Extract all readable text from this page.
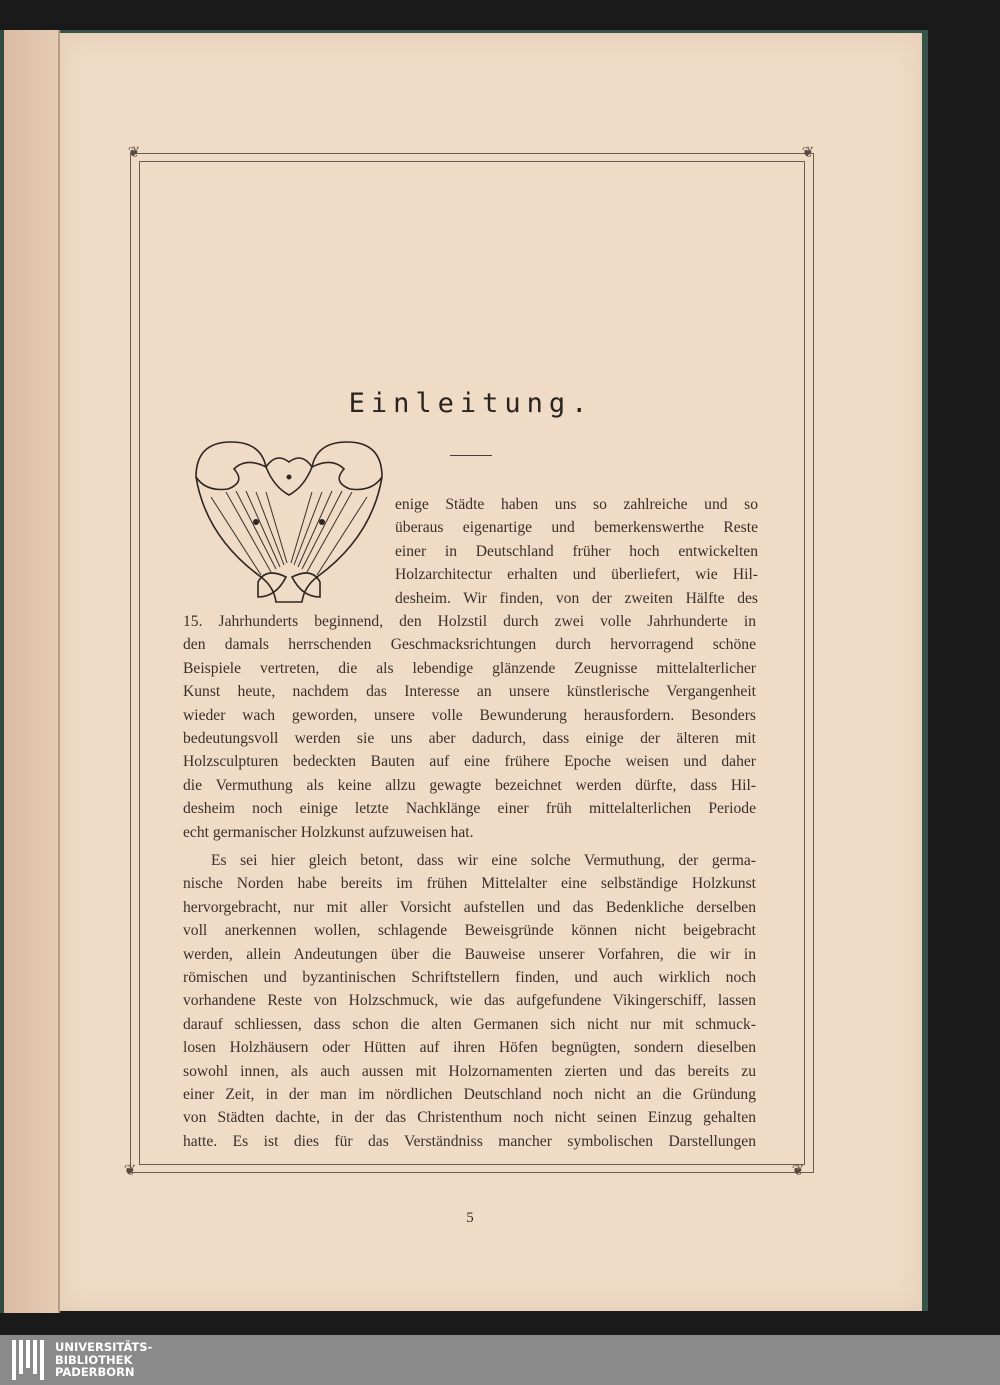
❦	❦
❦	❦
Einleitung.
enige Städte haben uns so zahlreiche und so
überaus eigenartige und bemerkenswerthe Reste
einer in Deutschland früher hoch entwickelten
Holzarchitectur erhalten und überliefert, wie Hil-
desheim. Wir finden, von der zweiten Hälfte des
15. Jahrhunderts beginnend, den Holzstil durch zwei volle Jahrhunderte in
den damals herrschenden Geschmacksrichtungen durch hervorragend schöne
Beispiele vertreten, die als lebendige glänzende Zeugnisse mittelalterlicher
Kunst heute, nachdem das Interesse an unsere künstlerische Vergangenheit
wieder wach geworden, unsere volle Bewunderung herausfordern. Besonders
bedeutungsvoll werden sie uns aber dadurch, dass einige der älteren mit
Holzsculpturen bedeckten Bauten auf eine frühere Epoche weisen und daher
die Vermuthung als keine allzu gewagte bezeichnet werden dürfte, dass Hil-
desheim noch einige letzte Nachklänge einer früh mittelalterlichen Periode
echt germanischer Holzkunst aufzuweisen hat.
Es sei hier gleich betont, dass wir eine solche Vermuthung, der germa-
nische Norden habe bereits im frühen Mittelalter eine selbständige Holzkunst
hervorgebracht, nur mit aller Vorsicht aufstellen und das Bedenkliche derselben
voll anerkennen wollen, schlagende Beweisgründe können nicht beigebracht
werden, allein Andeutungen über die Bauweise unserer Vorfahren, die wir in
römischen und byzantinischen Schriftstellern finden, und auch wirklich noch
vorhandene Reste von Holzschmuck, wie das aufgefundene Vikingerschiff, lassen
darauf schliessen, dass schon die alten Germanen sich nicht nur mit schmuck-
losen Holzhäusern oder Hütten auf ihren Höfen begnügten, sondern dieselben
sowohl innen, als auch aussen mit Holzornamenten zierten und das bereits zu
einer Zeit, in der man im nördlichen Deutschland noch nicht an die Gründung
von Städten dachte, in der das Christenthum noch nicht seinen Einzug gehalten
hatte. Es ist dies für das Verständniss mancher symbolischen Darstellungen
5
UNIVERSITÄTS-
BIBLIOTHEK
PADERBORN
